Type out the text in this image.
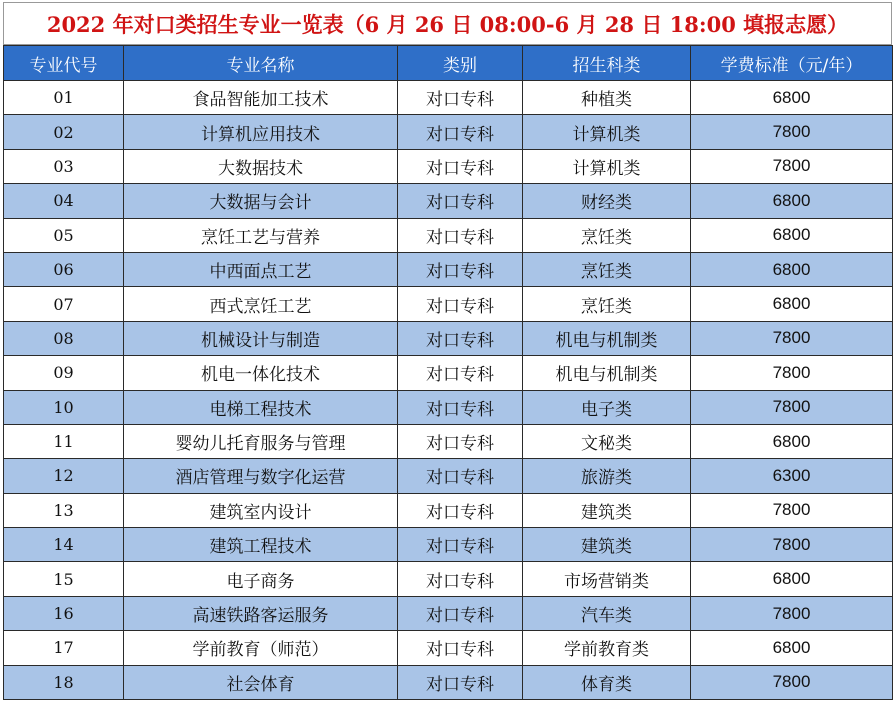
2022 年对口类招生专业一览表（6 月 26 日 08:00-6 月 28 日 18:00 填报志愿）
专业代号	专业名称	类别	招生科类	学费标准（元/年）
01	食品智能加工技术	对口专科	种植类	6800
02	计算机应用技术	对口专科	计算机类	7800
03	大数据技术	对口专科	计算机类	7800
04	大数据与会计	对口专科	财经类	6800
05	烹饪工艺与营养	对口专科	烹饪类	6800
06	中西面点工艺	对口专科	烹饪类	6800
07	西式烹饪工艺	对口专科	烹饪类	6800
08	机械设计与制造	对口专科	机电与机制类	7800
09	机电一体化技术	对口专科	机电与机制类	7800
10	电梯工程技术	对口专科	电子类	7800
11	婴幼儿托育服务与管理	对口专科	文秘类	6800
12	酒店管理与数字化运营	对口专科	旅游类	6300
13	建筑室内设计	对口专科	建筑类	7800
14	建筑工程技术	对口专科	建筑类	7800
15	电子商务	对口专科	市场营销类	6800
16	高速铁路客运服务	对口专科	汽车类	7800
17	学前教育（师范）	对口专科	学前教育类	6800
18	社会体育	对口专科	体育类	7800
